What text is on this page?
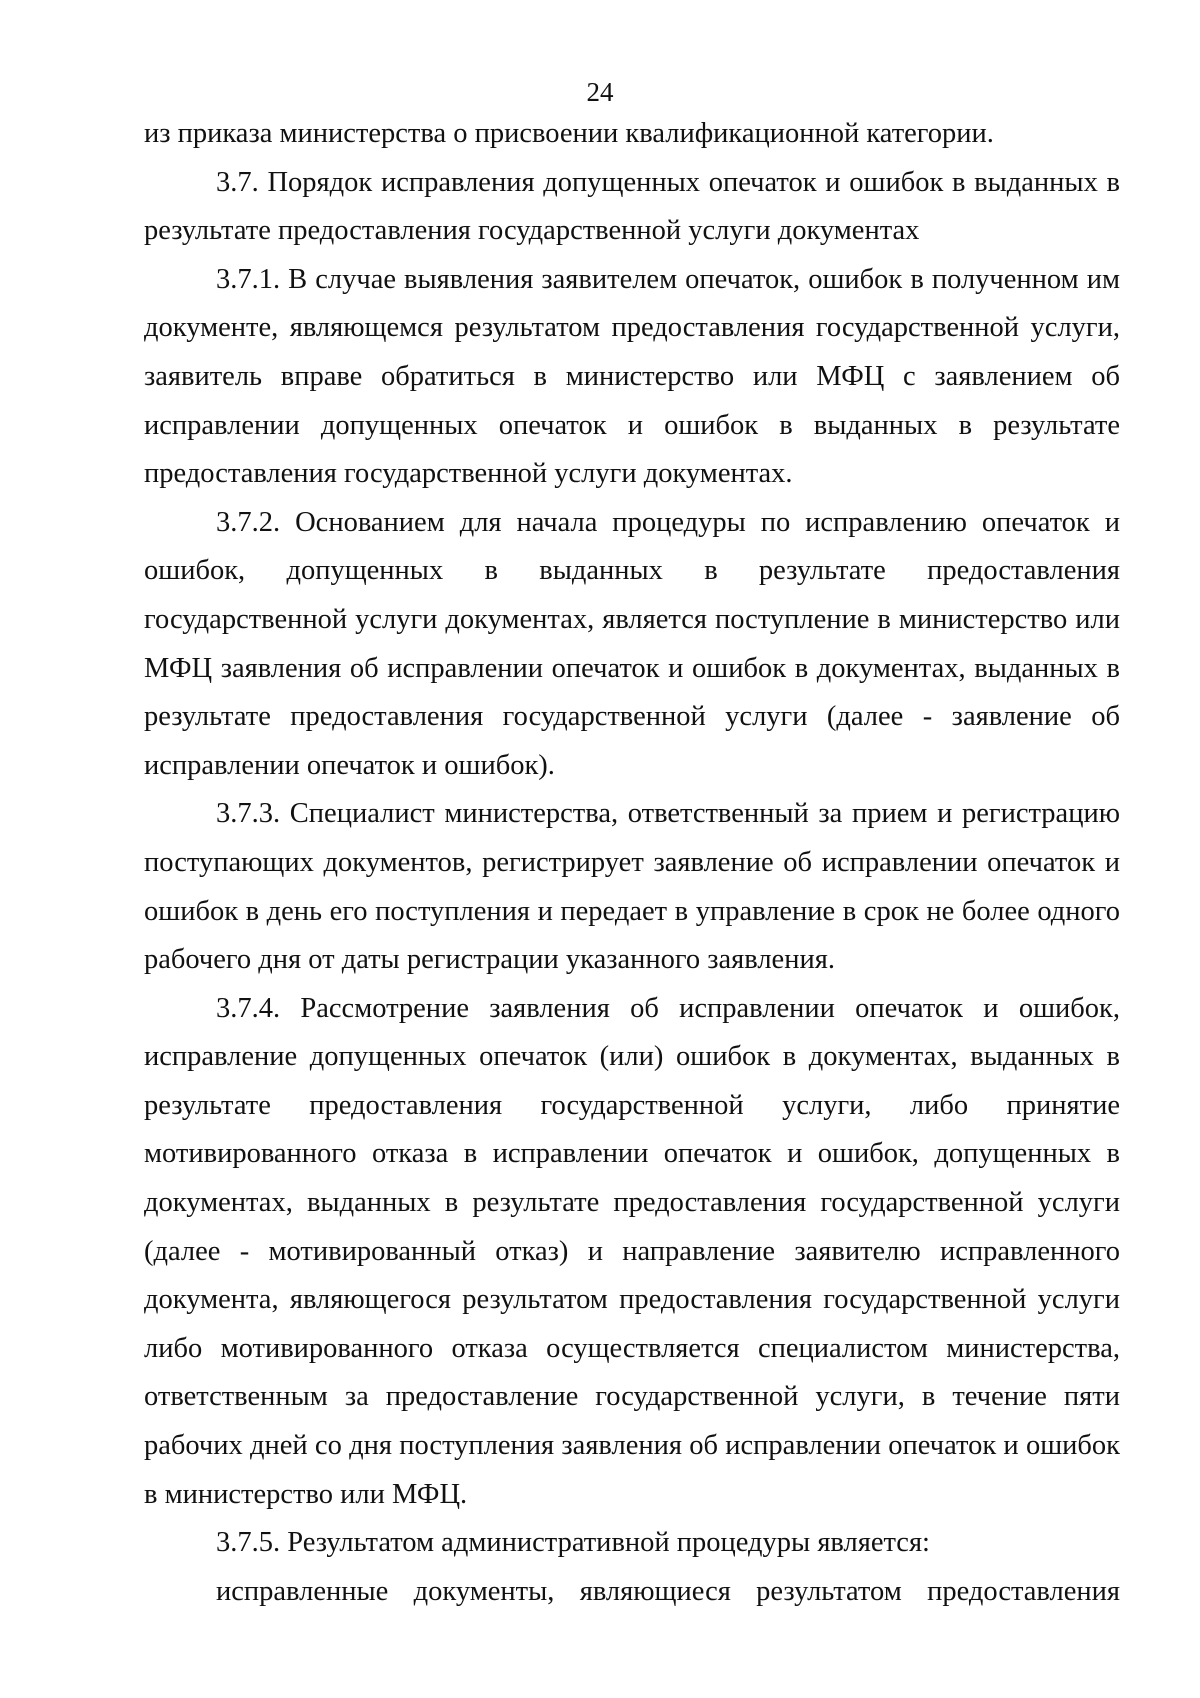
24

из приказа министерства о присвоении квалификационной категории.

3.7. Порядок исправления допущенных опечаток и ошибок в выданных в результате предоставления государственной услуги документах

3.7.1. В случае выявления заявителем опечаток, ошибок в полученном им документе, являющемся результатом предоставления государственной услуги, заявитель вправе обратиться в министерство или МФЦ с заявлением об исправлении допущенных опечаток и ошибок в выданных в результате предоставления государственной услуги документах.

3.7.2. Основанием для начала процедуры по исправлению опечаток и ошибок, допущенных в выданных в результате предоставления государственной услуги документах, является поступление в министерство или МФЦ заявления об исправлении опечаток и ошибок в документах, выданных в результате предоставления государственной услуги (далее - заявление об исправлении опечаток и ошибок).

3.7.3. Специалист министерства, ответственный за прием и регистрацию поступающих документов, регистрирует заявление об исправлении опечаток и ошибок в день его поступления и передает в управление в срок не более одного рабочего дня от даты регистрации указанного заявления.

3.7.4. Рассмотрение заявления об исправлении опечаток и ошибок, исправление допущенных опечаток (или) ошибок в документах, выданных в результате предоставления государственной услуги, либо принятие мотивированного отказа в исправлении опечаток и ошибок, допущенных в документах, выданных в результате предоставления государственной услуги (далее - мотивированный отказ) и направление заявителю исправленного документа, являющегося результатом предоставления государственной услуги либо мотивированного отказа осуществляется специалистом министерства, ответственным за предоставление государственной услуги, в течение пяти рабочих дней со дня поступления заявления об исправлении опечаток и ошибок в министерство или МФЦ.

3.7.5. Результатом административной процедуры является:

исправленные документы, являющиеся результатом предоставления
